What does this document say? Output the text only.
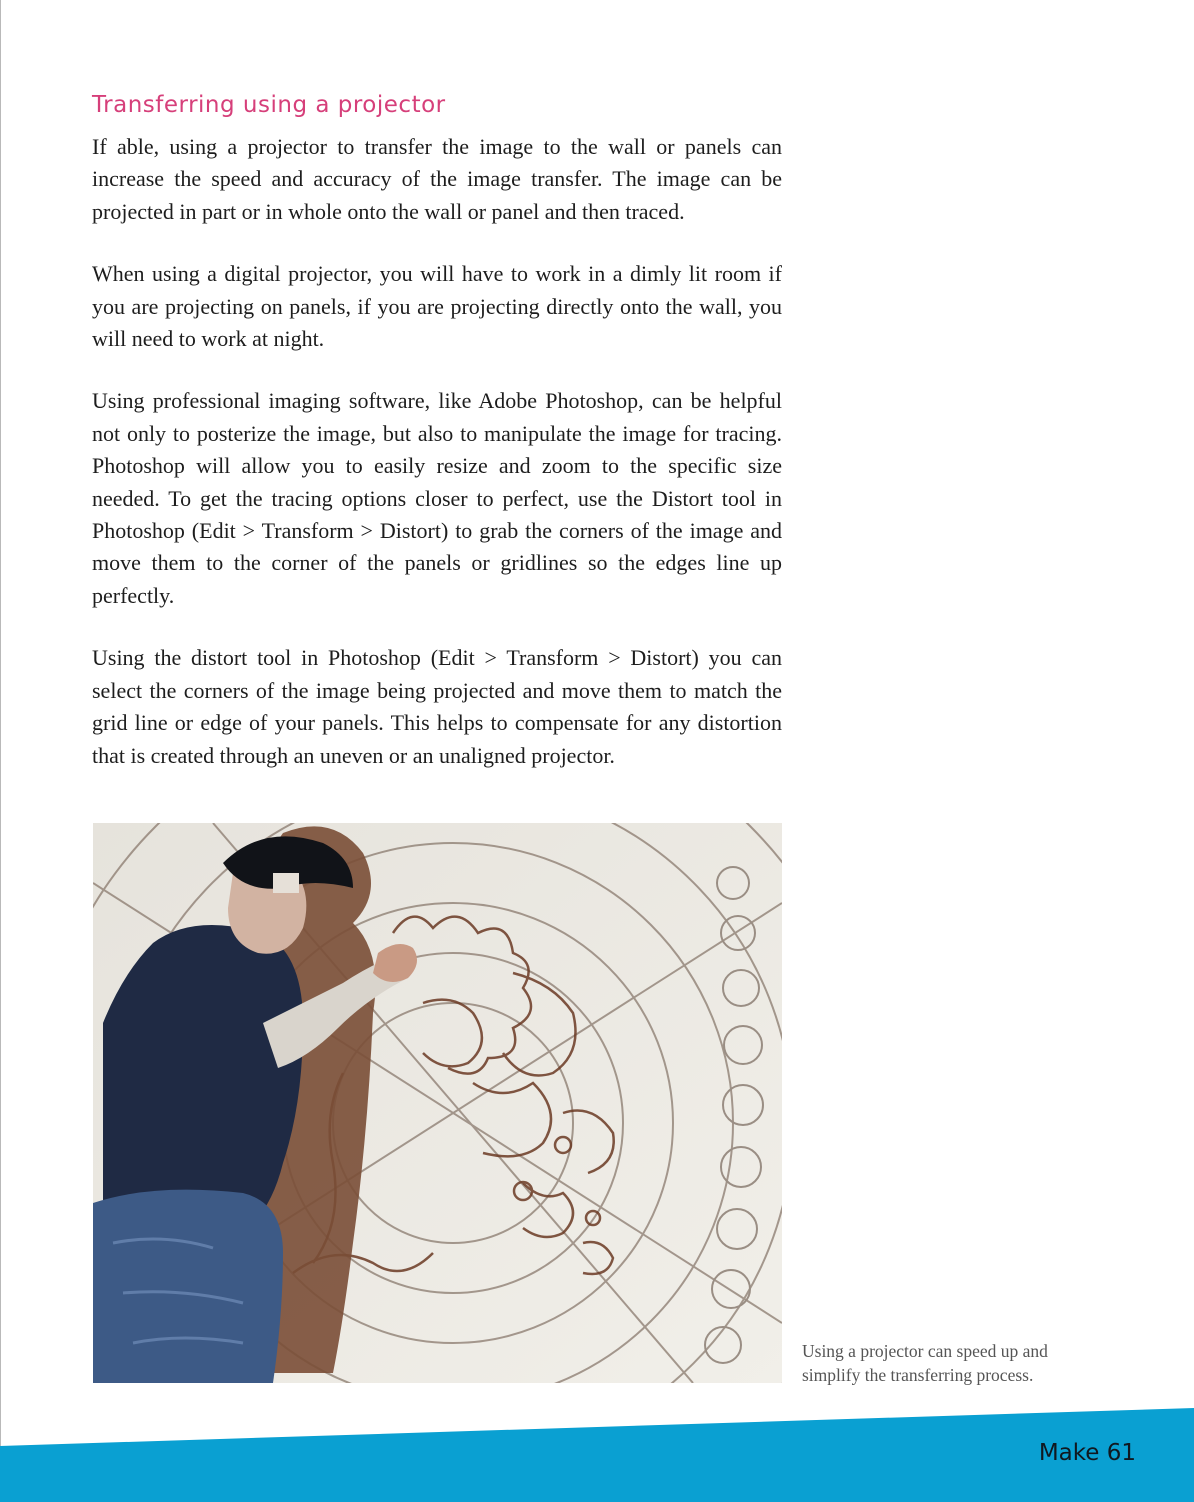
Transferring using a projector

If able, using a projector to transfer the image to the wall or panels can increase the speed and accuracy of the image transfer. The image can be projected in part or in whole onto the wall or panel and then traced.

When using a digital projector, you will have to work in a dimly lit room if you are projecting on panels, if you are projecting directly onto the wall, you will need to work at night.

Using professional imaging software, like Adobe Photoshop, can be helpful not only to posterize the image, but also to manipulate the image for tracing. Photoshop will allow you to easily resize and zoom to the specific size needed. To get the tracing options closer to perfect, use the Distort tool in Photoshop (Edit > Transform > Distort) to grab the corners of the image and move them to the corner of the panels or gridlines so the edges line up perfectly.

Using the distort tool in Photoshop (Edit > Transform > Distort) you can select the corners of the image being projected and move them to match the grid line or edge of your panels. This helps to compensate for any distortion that is created through an uneven or an unaligned projector.

Using a projector can speed up and
simplify the transferring process.
Make 61
